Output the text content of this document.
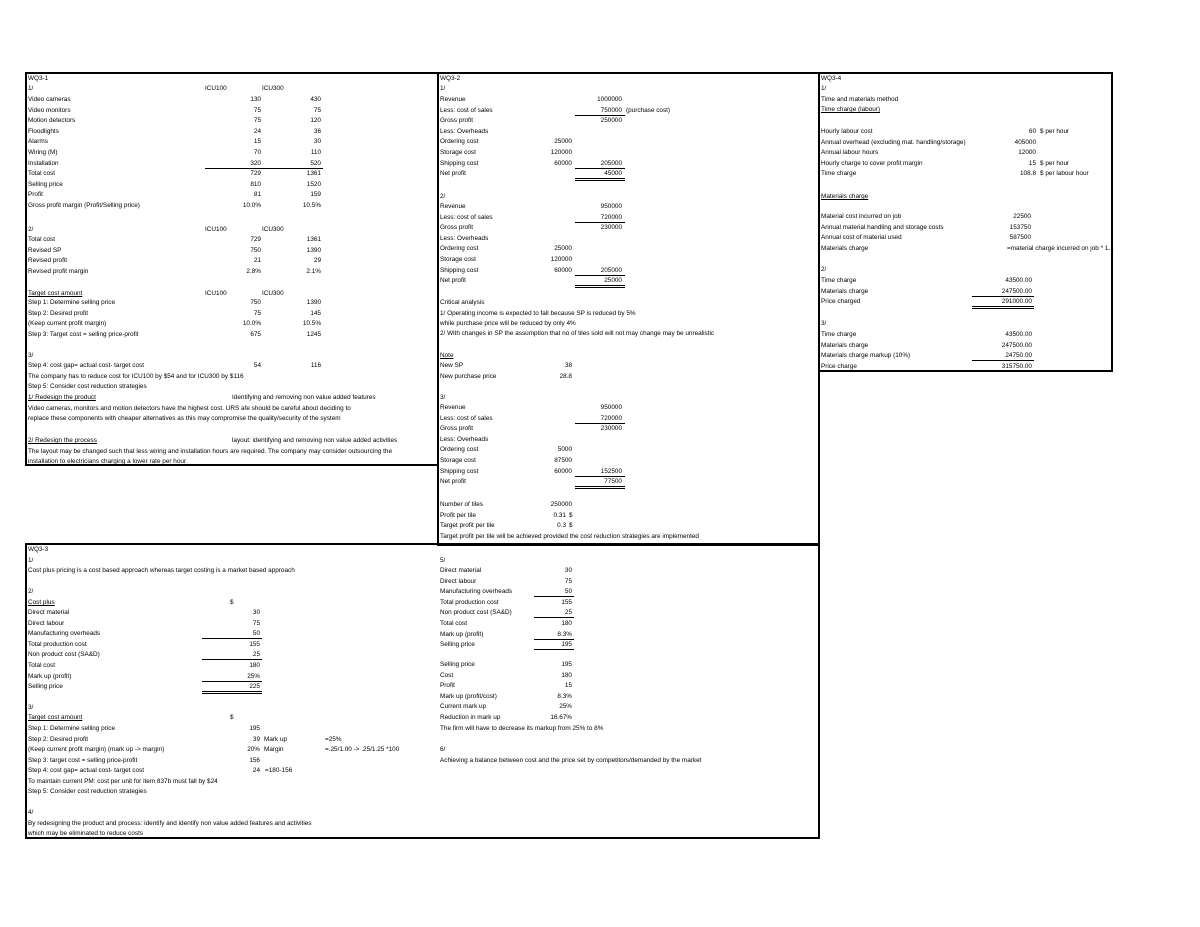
WQ3-1
1/	ICU100	ICU300
Video cameras	130	430
Video monitors	75	75
Motion detectors	75	120
Floodlights	24	36
Alarms	15	30
Wiring (M)	70	110
Installation	320	520
Total cost	729	1361
Selling price	810	1520
Profit	81	159
Gross profit margin (Profit/Selling price)	10.0%	10.5%
2/	ICU100	ICU300
Total cost	729	1361
Revised SP	750	1390
Revised profit	21	29
Revised profit margin	2.8%	2.1%
Target cost amount	ICU100	ICU300
Step 1: Determine selling price	750	1390
Step 2: Desired profit	75	145
(Keep current profit margin)	10.0%	10.5%
Step 3: Target cost = selling price-profit	675	1245
3/
Step 4: cost gap= actual cost- target cost	54	116
The company has to reduce cost for ICU100 by $54 and for ICU300 by $116
Step 5: Consider cost reduction strategies
1/ Redesign the product	Identifying and removing non value added features
Video cameras, monitors and motion detectors have the highest cost. URS afe should be careful about deciding to
replace these components with cheaper alternatives as this may compromise the quality/security of the system
2/ Redesign the process	layout: identifying and removing non value added activities
The layout may be changed such that less wiring and installation hours are required. The company may consider outsourcing the
installation to electricians charging a lower rate per hour
WQ3-2
1/
Revenue	1000000
Less: cost of sales	750000 (purchase cost)
Gross profit	250000
Less: Overheads
Ordering cost	25000
Storage cost	120000
Shipping cost	60000	205000
Net profit	45000
2/
Revenue	950000
Less: cost of sales	720000
Gross profit	230000
Less: Overheads
Ordering cost	25000
Storage cost	120000
Shipping cost	60000	205000
Net profit	25000
Critical analysis
1/ Operating income is expected to fall because SP is reduced by 5%
while purchase price will be reduced by only 4%
2/ With changes in SP the assumption that no of tiles sold will not may change may be unrealistic
Note
New SP	38
New purchase price	28.8
3/
Revenue	950000
Less: cost of sales	720000
Gross profit	230000
Less: Overheads
Ordering cost	5000
Storage cost	87500
Shipping cost	60000	152500
Net profit	77500
Number of tiles	250000
Profit per tile	0.31 $
Target profit per tile	0.3 $
Target profit per tile will be achieved provided the cost reduction strategies are implemented
WQ3-4
1/
Time and materials method
Time charge (labour)
Hourly labour cost	60 $ per hour
Annual overhead (excluding mat. handling/storage)	405000
Annual labour hours	12000
Hourly charge to cover profit margin	15 $ per hour
Time charge	108.8 $ per labour hour
Materials charge
Material cost incurred on job	22500
Annual material handling and storage costs	153750
Annual cost of material used	587500
Materials charge	=material charge incurred on job * 1.1
2/
Time charge	43500.00
Materials charge	247500.00
Price charged	291000.00
3/
Time charge	43500.00
Materials charge	247500.00
Materials charge markup (10%)	24750.00
Price charge	315750.00
WQ3-3
1/
Cost plus pricing is a cost based approach whereas target costing is a market based approach
2/
Cost plus	$
Direct material	30
Direct labour	75
Manufacturing overheads	50
Total production cost	155
Non product cost (SA&D)	25
Total cost	180
Mark up (profit)	25%
Selling price	225
3/
Target cost amount	$
Step 1: Determine selling price	195
Step 2: Desired profit	39 Mark up	=25%
(Keep current profit margin) (mark up -> margin)	20% Margin	=.25/1.00 -> .25/1.25 *100
Step 3: target cost = selling price-profit	156
Step 4: cost gap= actual cost- target cost	24 =180-156
To maintain current PM: cost per unit for item 837b must fall by $24
Step 5: Consider cost reduction strategies
4/
By redesigning the product and process: identify and identify non value added features and activities
which may be eliminated to reduce costs
5/
Direct material	30
Direct labour	75
Manufacturing overheads	50
Total production cost	155
Non product cost (SA&D)	25
Total cost	180
Mark up (profit)	8.3%
Selling price	195
Selling price	195
Cost	180
Profit	15
Mark up (profit/cost)	8.3%
Current mark up	25%
Reduction in mark up	16.67%
The firm will have to decrease its markup from 25% to 8%
6/
Achieving a balance between cost and the price set by competitors/demanded by the market
